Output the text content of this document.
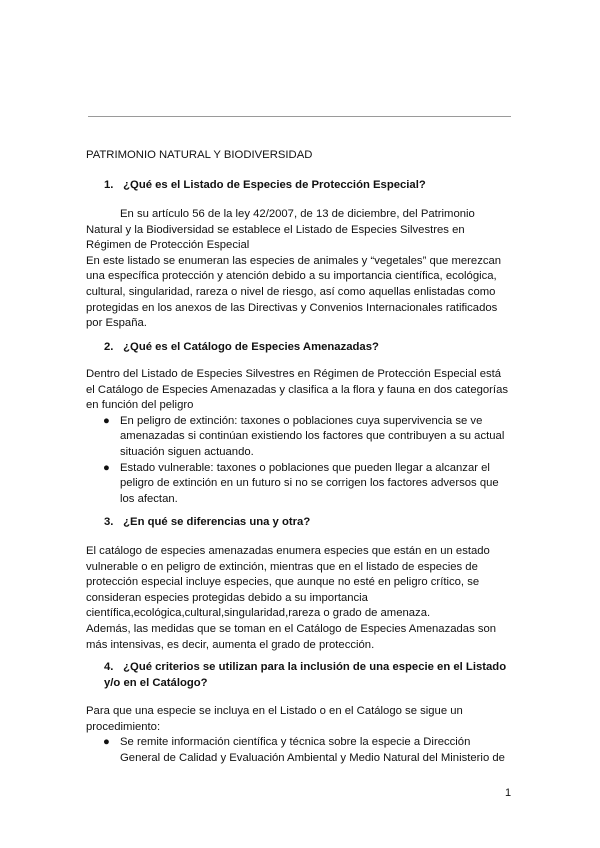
PATRIMONIO NATURAL Y BIODIVERSIDAD

1. ¿Qué es el Listado de Especies de Protección Especial?

En su artículo 56 de la ley 42/2007, de 13 de diciembre, del Patrimonio Natural y la Biodiversidad se establece el Listado de Especies Silvestres en Régimen de Protección Especial

En este listado se enumeran las especies de animales y “vegetales” que merezcan una específica protección y atención debido a su importancia científica, ecológica, cultural, singularidad, rareza o nivel de riesgo, así como aquellas enlistadas como protegidas en los anexos de las Directivas y Convenios Internacionales ratificados por España.

2. ¿Qué es el Catálogo de Especies Amenazadas?

Dentro del Listado de Especies Silvestres en Régimen de Protección Especial está el Catálogo de Especies Amenazadas y clasifica a la flora y fauna en dos categorías en función del peligro

● En peligro de extinción: taxones o poblaciones cuya supervivencia se ve amenazadas si continúan existiendo los factores que contribuyen a su actual situación siguen actuando.
● Estado vulnerable: taxones o poblaciones que pueden llegar a alcanzar el peligro de extinción en un futuro si no se corrigen los factores adversos que los afectan.

3. ¿En qué se diferencias una y otra?

El catálogo de especies amenazadas enumera especies que están en un estado vulnerable o en peligro de extinción, mientras que en el listado de especies de protección especial incluye especies, que aunque no esté en peligro crítico, se consideran especies protegidas debido a su importancia científica,ecológica,cultural,singularidad,rareza o grado de amenaza.

Además, las medidas que se toman en el Catálogo de Especies Amenazadas son más intensivas, es decir, aumenta el grado de protección.

4. ¿Qué criterios se utilizan para la inclusión de una especie en el Listado y/o en el Catálogo?

Para que una especie se incluya en el Listado o en el Catálogo se sigue un procedimiento:

● Se remite información científica y técnica sobre la especie a Dirección General de Calidad y Evaluación Ambiental y Medio Natural del Ministerio de
1
